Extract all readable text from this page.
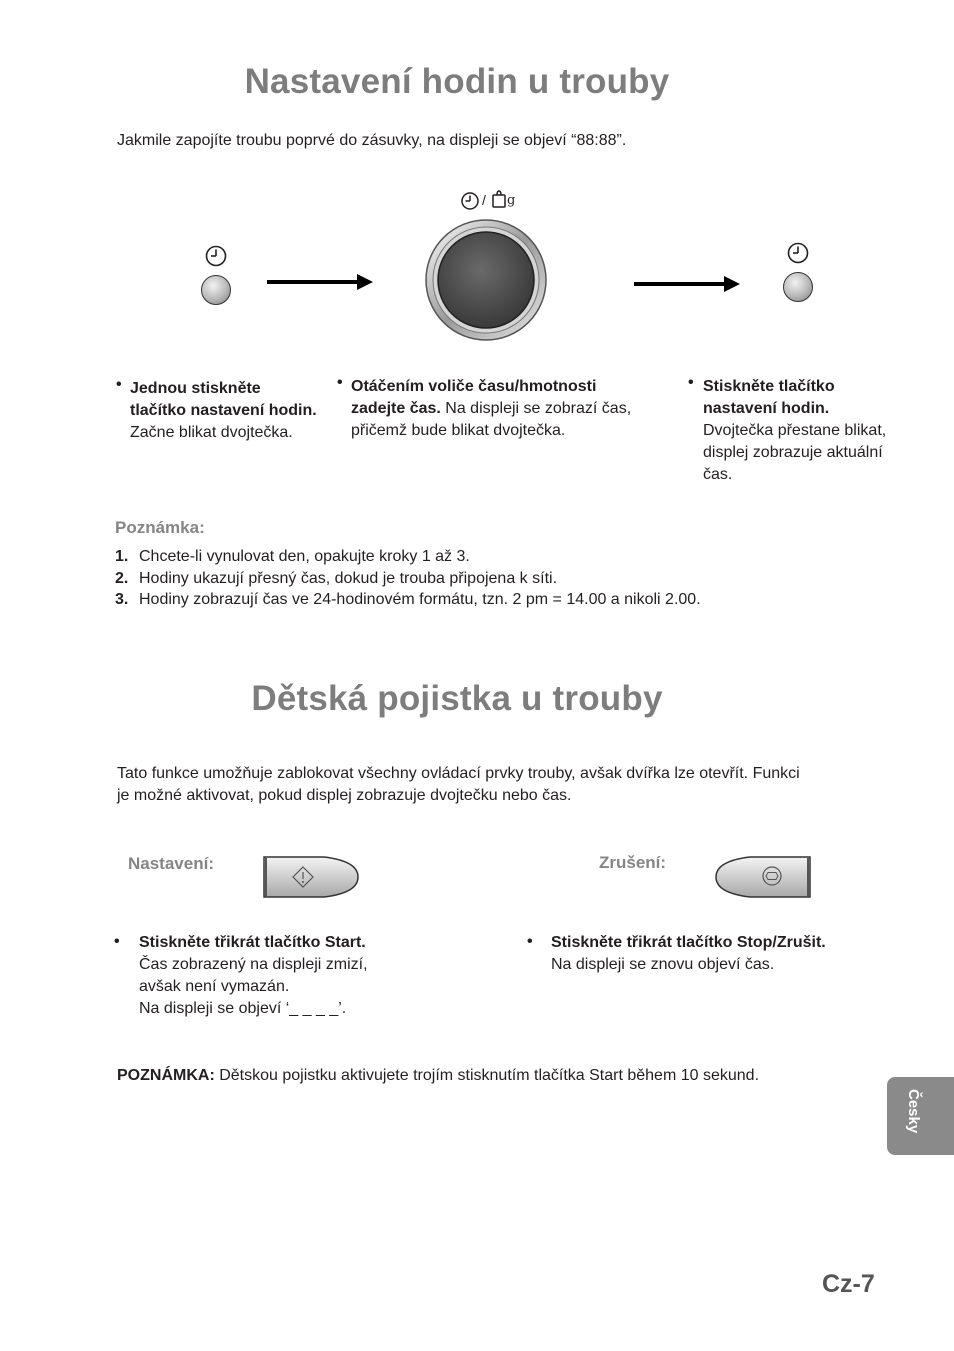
Nastavení hodin u trouby
Jakmile zapojíte troubu poprvé do zásuvky, na displeji se objeví “88:88”.
/ g
• Jednou stiskněte tlačítko nastavení hodin.
Začne blikat dvojtečka.
• Otáčením voliče času/hmotnosti zadejte čas. Na displeji se zobrazí čas, přičemž bude blikat dvojtečka.
• Stiskněte tlačítko nastavení hodin.
Dvojtečka přestane blikat, displej zobrazuje aktuální čas.
Poznámka:
1. Chcete-li vynulovat den, opakujte kroky 1 až 3.
2. Hodiny ukazují přesný čas, dokud je trouba připojena k síti.
3. Hodiny zobrazují čas ve 24-hodinovém formátu, tzn. 2 pm = 14.00 a nikoli 2.00.
Dětská pojistka u trouby
Tato funkce umožňuje zablokovat všechny ovládací prvky trouby, avšak dvířka lze otevřít. Funkci
je možné aktivovat, pokud displej zobrazuje dvojtečku nebo čas.
Nastavení:	Zrušení:
• Stiskněte třikrát tlačítko Start.
Čas zobrazený na displeji zmizí,
avšak není vymazán.
Na displeji se objeví ‘_ _ _ _’.
• Stiskněte třikrát tlačítko Stop/Zrušit.
Na displeji se znovu objeví čas.
POZNÁMKA: Dětskou pojistku aktivujete trojím stisknutím tlačítka Start během 10 sekund.
Česky
Cz-7
